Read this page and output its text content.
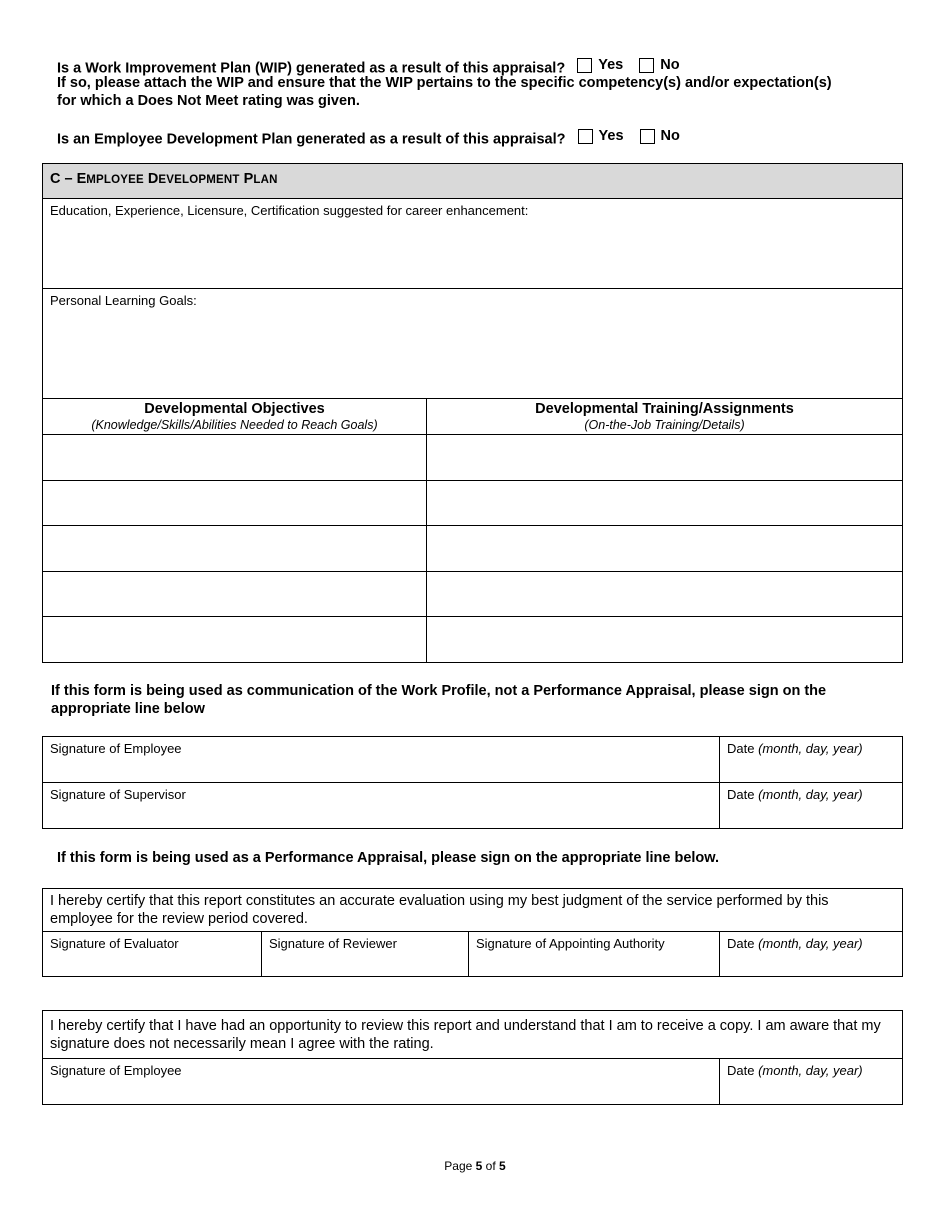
Is a Work Improvement Plan (WIP) generated as a result of this appraisal? Yes
	No
If so, please attach the WIP and ensure that the WIP pertains to the specific competency(s) and/or expectation(s)
for which a Does Not Meet rating was given.
Is an Employee Development Plan generated as a result of this appraisal? Yes
	No
C – EMPLOYEE DEVELOPMENT PLAN	
Education, Experience, Licensure, Certification suggested for career enhancement:	
Personal Learning Goals:	

Developmental Objectives
(Knowledge/Skills/Abilities Needed to Reach Goals)	Developmental Training/Assignments
(On-the-Job Training/Details)

If this form is being used as communication of the Work Profile, not a Performance Appraisal, please sign on the
appropriate line below
Signature of Employee	Date (month, day, year)
Signature of Supervisor	Date (month, day, year)
If this form is being used as a Performance Appraisal, please sign on the appropriate line below.
I hereby certify that this report constitutes an accurate evaluation using my best judgment of the service performed by this employee for the review period covered.
Signature of Evaluator	Signature of Reviewer	Signature of Appointing Authority	Date (month, day, year)
I hereby certify that I have had an opportunity to review this report and understand that I am to receive a copy. I am aware that my signature does not necessarily mean I agree with the rating.
Signature of Employee	Date (month, day, year)
Page 5 of 5
